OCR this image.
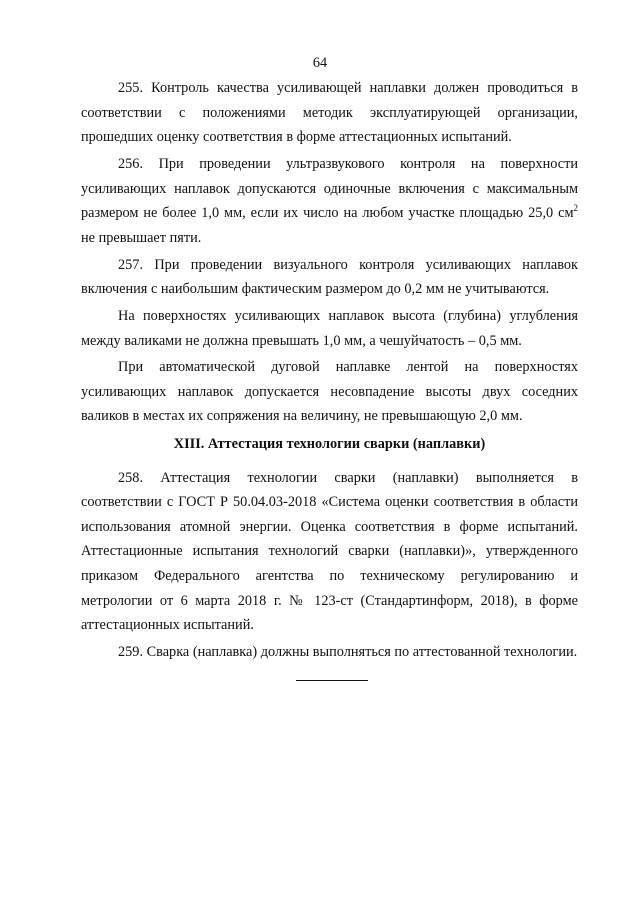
64

255. Контроль качества усиливающей наплавки должен проводиться в соответствии с положениями методик эксплуатирующей организации, прошедших оценку соответствия в форме аттестационных испытаний.

256. При проведении ультразвукового контроля на поверхности усиливающих наплавок допускаются одиночные включения с максимальным размером не более 1,0 мм, если их число на любом участке площадью 25,0 $см^2$ не превышает пяти.

257. При проведении визуального контроля усиливающих наплавок включения с наибольшим фактическим размером до 0,2 мм не учитываются.

На поверхностях усиливающих наплавок высота (глубина) углубления между валиками не должна превышать 1,0 мм, а чешуйчатость – 0,5 мм.

При автоматической дуговой наплавке лентой на поверхностях усиливающих наплавок допускается несовпадение высоты двух соседних валиков в местах их сопряжения на величину, не превышающую 2,0 мм.

XIII. Аттестация технологии сварки (наплавки)

258. Аттестация технологии сварки (наплавки) выполняется в соответствии с ГОСТ Р 50.04.03-2018 «Система оценки соответствия в области использования атомной энергии. Оценка соответствия в форме испытаний. Аттестационные испытания технологий сварки (наплавки)», утвержденного приказом Федерального агентства по техническому регулированию и метрологии от 6 марта 2018 г. № 123-ст (Стандартинформ, 2018), в форме аттестационных испытаний.

259. Сварка (наплавка) должны выполняться по аттестованной технологии.
